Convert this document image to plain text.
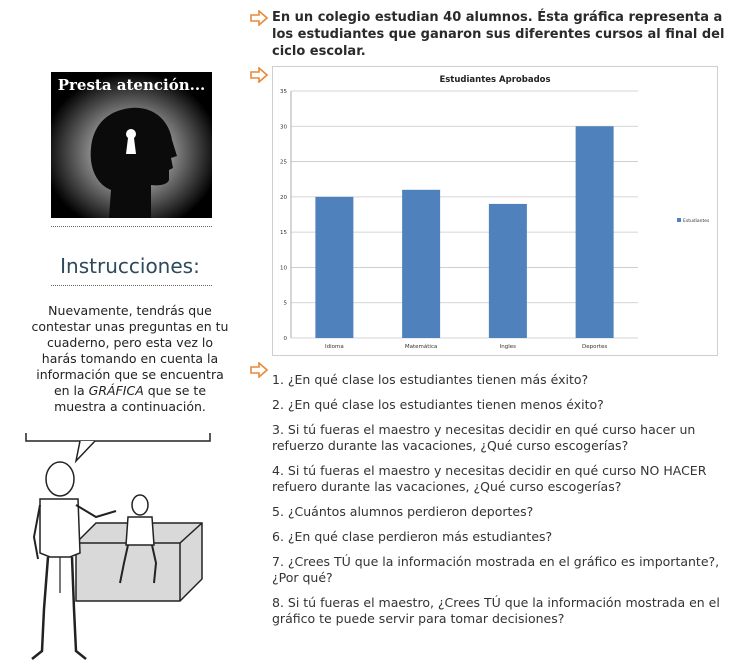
En un colegio estudian 40 alumnos. Ésta gráfica representa a los estudiantes que ganaron sus diferentes cursos al final del ciclo escolar.
Presta atención...
Instrucciones:
Nuevamente, tendrás que contestar unas preguntas en tu cuaderno, pero esta vez lo harás tomando en cuenta la información que se encuentra en la GRÁFICA que se te muestra a continuación.
Estudiantes Aprobados
0
5
10
15
20
25
30
35
Idioma	Matemática	Ingles	Deportes
Estudiantes
1. ¿En qué clase los estudiantes tienen más éxito?
2. ¿En qué clase los estudiantes tienen menos éxito?
3. Si tú fueras el maestro y necesitas decidir en qué curso hacer un refuerzo durante las vacaciones, ¿Qué curso escogerías?
4. Si tú fueras el maestro y necesitas decidir en qué curso NO HACER refuero durante las vacaciones, ¿Qué curso escogerías?
5. ¿Cuántos alumnos perdieron deportes?
6. ¿En qué clase perdieron más estudiantes?
7. ¿Crees TÚ que la información mostrada en el gráfico es importante?, ¿Por qué?
8. Si tú fueras el maestro, ¿Crees TÚ que la información mostrada en el gráfico te puede servir para tomar decisiones?
